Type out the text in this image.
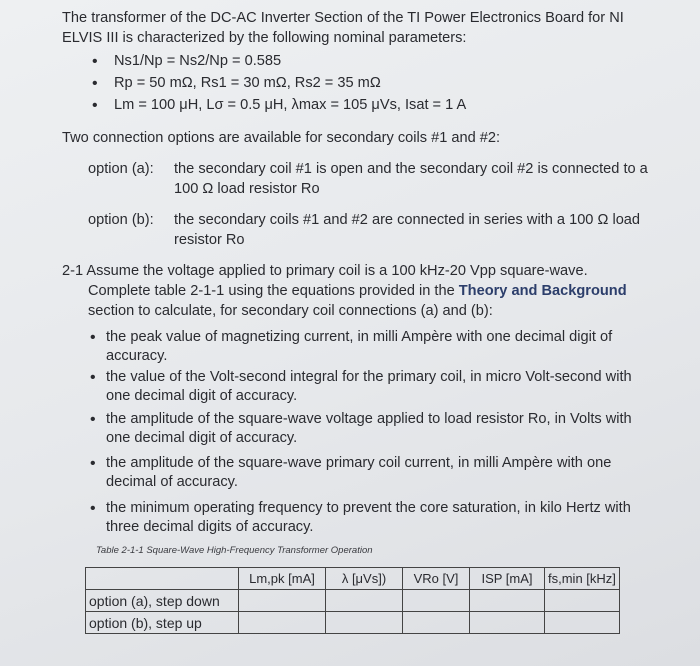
The transformer of the DC-AC Inverter Section of the TI Power Electronics Board for NI
ELVIS III is characterized by the following nominal parameters:
• Ns1/Np = Ns2/Np = 0.585
• Rp = 50 mΩ, Rs1 = 30 mΩ, Rs2 = 35 mΩ
• Lm = 100 μH, Lσ = 0.5 μH, λmax = 105 μVs, Isat = 1 A
Two connection options are available for secondary coils #1 and #2:
option (a): the secondary coil #1 is open and the secondary coil #2 is connected to a
100 Ω load resistor Ro
option (b): the secondary coils #1 and #2 are connected in series with a 100 Ω load
resistor Ro
2-1 Assume the voltage applied to primary coil is a 100 kHz-20 Vpp square-wave.
Complete table 2-1-1 using the equations provided in the Theory and Background
section to calculate, for secondary coil connections (a) and (b):
• the peak value of magnetizing current, in milli Ampère with one decimal digit of
accuracy.
• the value of the Volt-second integral for the primary coil, in micro Volt-second with
one decimal digit of accuracy.
• the amplitude of the square-wave voltage applied to load resistor Ro, in Volts with
one decimal digit of accuracy.
• the amplitude of the square-wave primary coil current, in milli Ampère with one
decimal of accuracy.
• the minimum operating frequency to prevent the core saturation, in kilo Hertz with
three decimal digits of accuracy.
Table 2-1-1 Square-Wave High-Frequency Transformer Operation
	Lm,pk [mA]	λ [μVs])	VRo [V]	ISP [mA]	fs,min [kHz]
option (a), step down					
option (b), step up					
